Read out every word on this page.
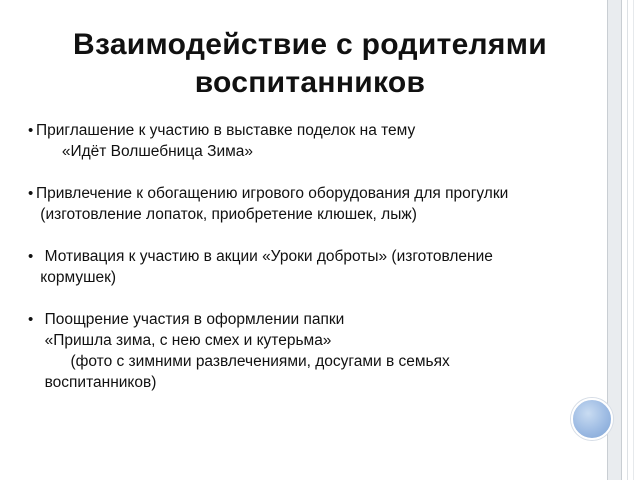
Взаимодействие с родителями
воспитанников
• Приглашение к участию в выставке поделок на тему
«Идёт Волшебница Зима»
• Привлечение к обогащению игрового оборудования для прогулки
(изготовление лопаток, приобретение клюшек, лыж)
• Мотивация к участию в акции «Уроки доброты» (изготовление
кормушек)
• Поощрение участия в оформлении папки
«Пришла зима, с нею смех и кутерьма»
(фото с зимними развлечениями, досугами в семьях
воспитанников)
